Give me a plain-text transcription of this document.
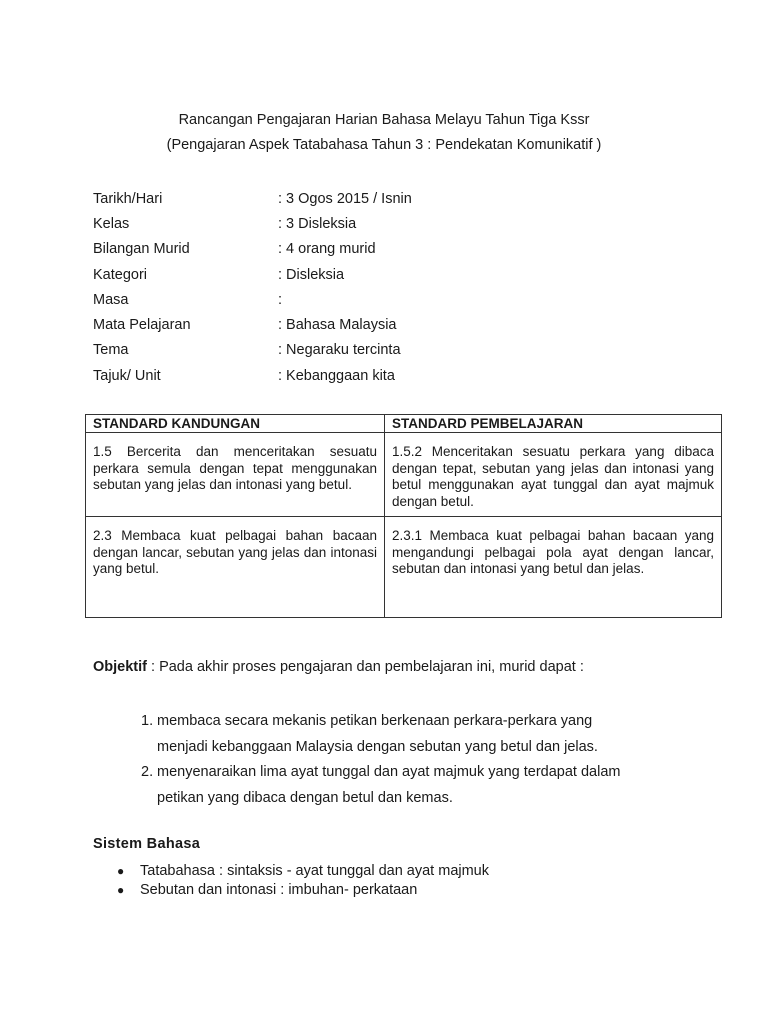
Rancangan Pengajaran Harian Bahasa Melayu Tahun Tiga Kssr
(Pengajaran Aspek Tatabahasa Tahun 3 : Pendekatan Komunikatif )
Tarikh/Hari	: 3 Ogos 2015 / Isnin
Kelas	: 3 Disleksia
Bilangan Murid	: 4 orang murid
Kategori	: Disleksia
Masa	:
Mata Pelajaran	: Bahasa Malaysia
Tema	: Negaraku tercinta
Tajuk/ Unit	: Kebanggaan kita
STANDARD KANDUNGAN	STANDARD PEMBELAJARAN
1.5 Bercerita dan menceritakan sesuatu perkara semula dengan tepat menggunakan sebutan yang jelas dan intonasi yang betul.	1.5.2 Menceritakan sesuatu perkara yang dibaca dengan tepat, sebutan yang jelas dan intonasi yang betul menggunakan ayat tunggal dan ayat majmuk dengan betul.
2.3 Membaca kuat pelbagai bahan bacaan dengan lancar, sebutan yang jelas dan intonasi yang betul.	2.3.1 Membaca kuat pelbagai bahan bacaan yang mengandungi pelbagai pola ayat dengan lancar, sebutan dan intonasi yang betul dan jelas.
Objektif : Pada akhir proses pengajaran dan pembelajaran ini, murid dapat :
1. membaca secara mekanis petikan berkenaan perkara-perkara yang
menjadi kebanggaan Malaysia dengan sebutan yang betul dan jelas.
2. menyenaraikan lima ayat tunggal dan ayat majmuk yang terdapat dalam
petikan yang dibaca dengan betul dan kemas.
Sistem Bahasa
●	Tatabahasa : sintaksis - ayat tunggal dan ayat majmuk
●	Sebutan dan intonasi : imbuhan- perkataan
